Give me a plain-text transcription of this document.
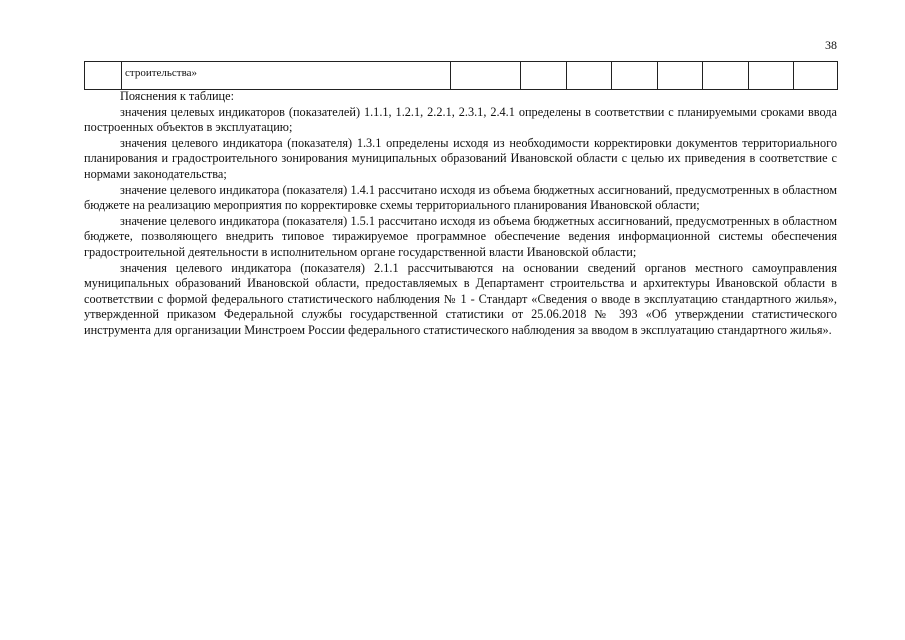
38
	строительства»								

Пояснения к таблице:

значения целевых индикаторов (показателей) 1.1.1, 1.2.1, 2.2.1, 2.3.1, 2.4.1 определены в соответствии с планируемыми сроками ввода построенных объектов в эксплуатацию;

значения целевого индикатора (показателя) 1.3.1 определены исходя из необходимости корректировки документов территориального планирования и градостроительного зонирования муниципальных образований Ивановской области с целью их приведения в соответствие с нормами законодательства;

значение целевого индикатора (показателя) 1.4.1 рассчитано исходя из объема бюджетных ассигнований, предусмотренных в областном бюджете на реализацию мероприятия по корректировке схемы территориального планирования Ивановской области;

значение целевого индикатора (показателя) 1.5.1 рассчитано исходя из объема бюджетных ассигнований, предусмотренных в областном бюджете, позволяющего внедрить типовое тиражируемое программное обеспечение ведения информационной системы обеспечения градостроительной деятельности в исполнительном органе государственной власти Ивановской области;

значения целевого индикатора (показателя) 2.1.1 рассчитываются на основании сведений органов местного самоуправления муниципальных образований Ивановской области, предоставляемых в Департамент строительства и архитектуры Ивановской области в соответствии с формой федерального статистического наблюдения № 1 - Стандарт «Сведения о вводе в эксплуатацию стандартного жилья», утвержденной приказом Федеральной службы государственной статистики от 25.06.2018 № 393 «Об утверждении статистического инструмента для организации Минстроем России федерального статистического наблюдения за вводом в эксплуатацию стандартного жилья».
